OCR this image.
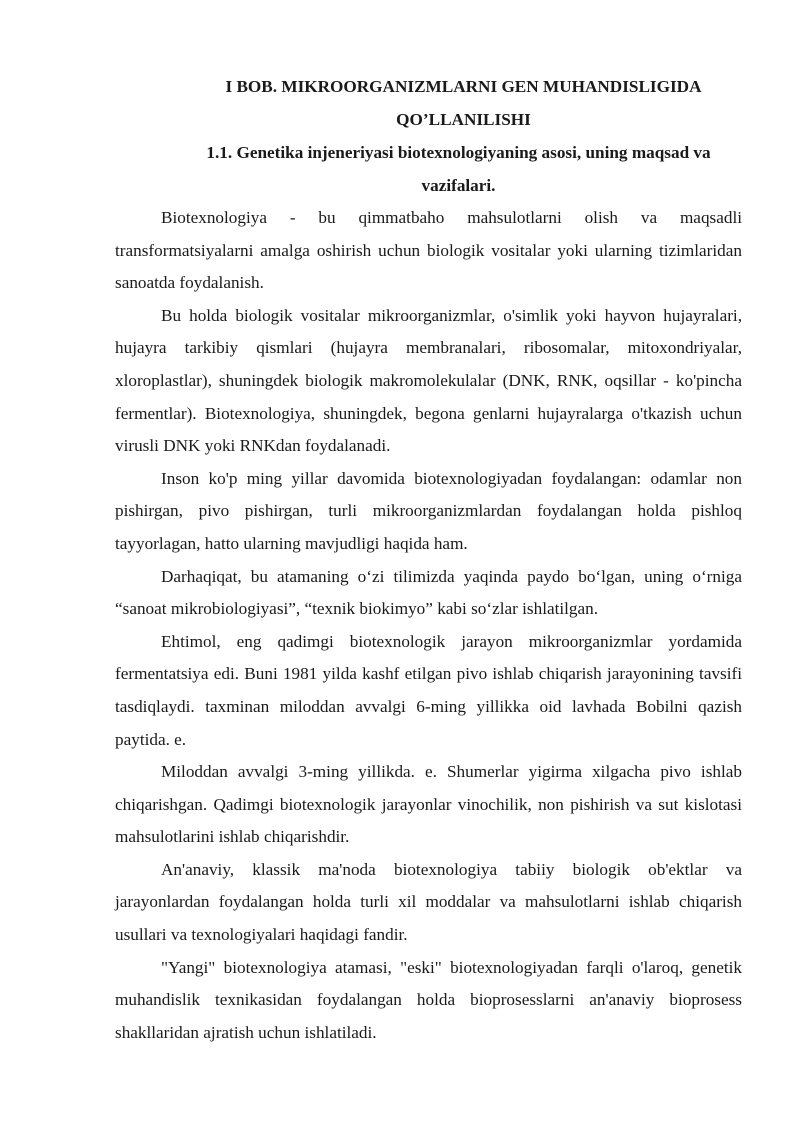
I BOB. MIKROORGANIZMLARNI GEN MUHANDISLIGIDA QO’LLANILISHI
1.1. Genetika injeneriyasi biotexnologiyaning asosi, uning maqsad va vazifalari.

Biotexnologiya - bu qimmatbaho mahsulotlarni olish va maqsadli transformatsiyalarni amalga oshirish uchun biologik vositalar yoki ularning tizimlaridan sanoatda foydalanish.

Bu holda biologik vositalar mikroorganizmlar, o'simlik yoki hayvon hujayralari, hujayra tarkibiy qismlari (hujayra membranalari, ribosomalar, mitoxondriyalar, xloroplastlar), shuningdek biologik makromolekulalar (DNK, RNK, oqsillar - ko'pincha fermentlar). Biotexnologiya, shuningdek, begona genlarni hujayralarga o'tkazish uchun virusli DNK yoki RNKdan foydalanadi.

Inson ko'p ming yillar davomida biotexnologiyadan foydalangan: odamlar non pishirgan, pivo pishirgan, turli mikroorganizmlardan foydalangan holda pishloq tayyorlagan, hatto ularning mavjudligi haqida ham.

Darhaqiqat, bu atamaning o‘zi tilimizda yaqinda paydo bo‘lgan, uning o‘rniga “sanoat mikrobiologiyasi”, “texnik biokimyo” kabi so‘zlar ishlatilgan.

Ehtimol, eng qadimgi biotexnologik jarayon mikroorganizmlar yordamida fermentatsiya edi. Buni 1981 yilda kashf etilgan pivo ishlab chiqarish jarayonining tavsifi tasdiqlaydi. taxminan miloddan avvalgi 6-ming yillikka oid lavhada Bobilni qazish paytida. e.

Miloddan avvalgi 3-ming yillikda. e. Shumerlar yigirma xilgacha pivo ishlab chiqarishgan. Qadimgi biotexnologik jarayonlar vinochilik, non pishirish va sut kislotasi mahsulotlarini ishlab chiqarishdir.

An'anaviy, klassik ma'noda biotexnologiya tabiiy biologik ob'ektlar va jarayonlardan foydalangan holda turli xil moddalar va mahsulotlarni ishlab chiqarish usullari va texnologiyalari haqidagi fandir.

"Yangi" biotexnologiya atamasi, "eski" biotexnologiyadan farqli o'laroq, genetik muhandislik texnikasidan foydalangan holda bioprosesslarni an'anaviy bioprosess shakllaridan ajratish uchun ishlatiladi.
